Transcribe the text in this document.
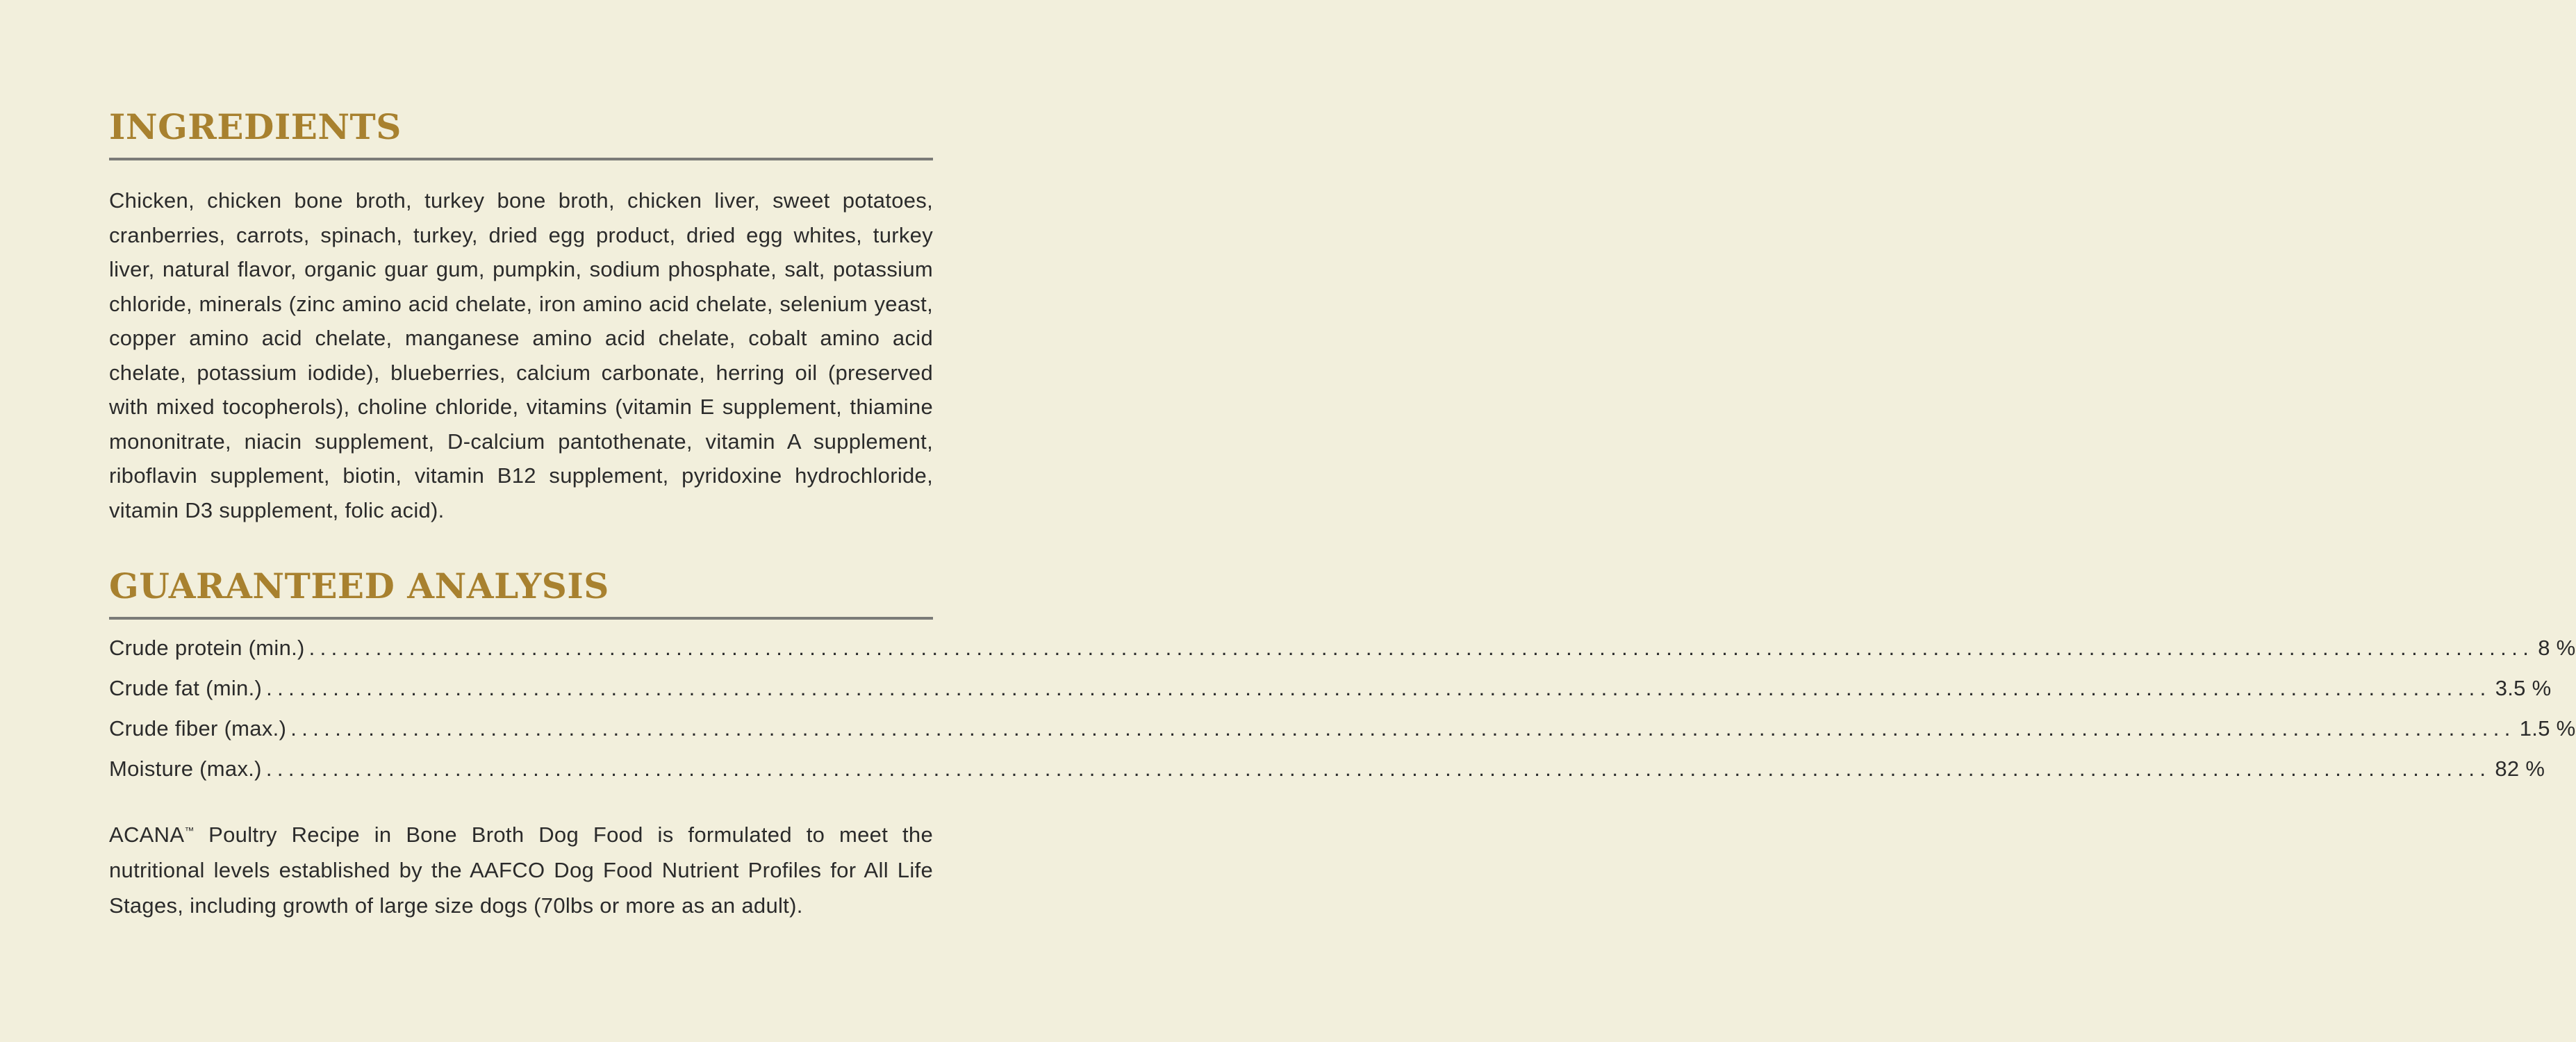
INGREDIENTS

Chicken, chicken bone broth, turkey bone broth, chicken liver, sweet potatoes, cranberries, carrots, spinach, turkey, dried egg product, dried egg whites, turkey liver, natural flavor, organic guar gum, pumpkin, sodium phosphate, salt, potassium chloride, minerals (zinc amino acid chelate, iron amino acid chelate, selenium yeast, copper amino acid chelate, manganese amino acid chelate, cobalt amino acid chelate, potassium iodide), blueberries, calcium carbonate, herring oil (preserved with mixed tocopherols), choline chloride, vitamins (vitamin E supplement, thiamine mononitrate, niacin supplement, D-calcium pantothenate, vitamin A supplement, riboflavin supplement, biotin, vitamin B12 supplement, pyridoxine hydrochloride, vitamin D3 supplement, folic acid).

GUARANTEED ANALYSIS
Crude protein (min.) ........................................................................................................................................................................................................ 8 %
Crude fat (min.) ........................................................................................................................................................................................................ 3.5 %
Crude fiber (max.) ........................................................................................................................................................................................................ 1.5 %
Moisture (max.) ........................................................................................................................................................................................................ 82 %

ACANA™ Poultry Recipe in Bone Broth Dog Food is formulated to meet the nutritional levels established by the AAFCO Dog Food Nutrient Profiles for All Life Stages, including growth of large size dogs (70lbs or more as an adult).
